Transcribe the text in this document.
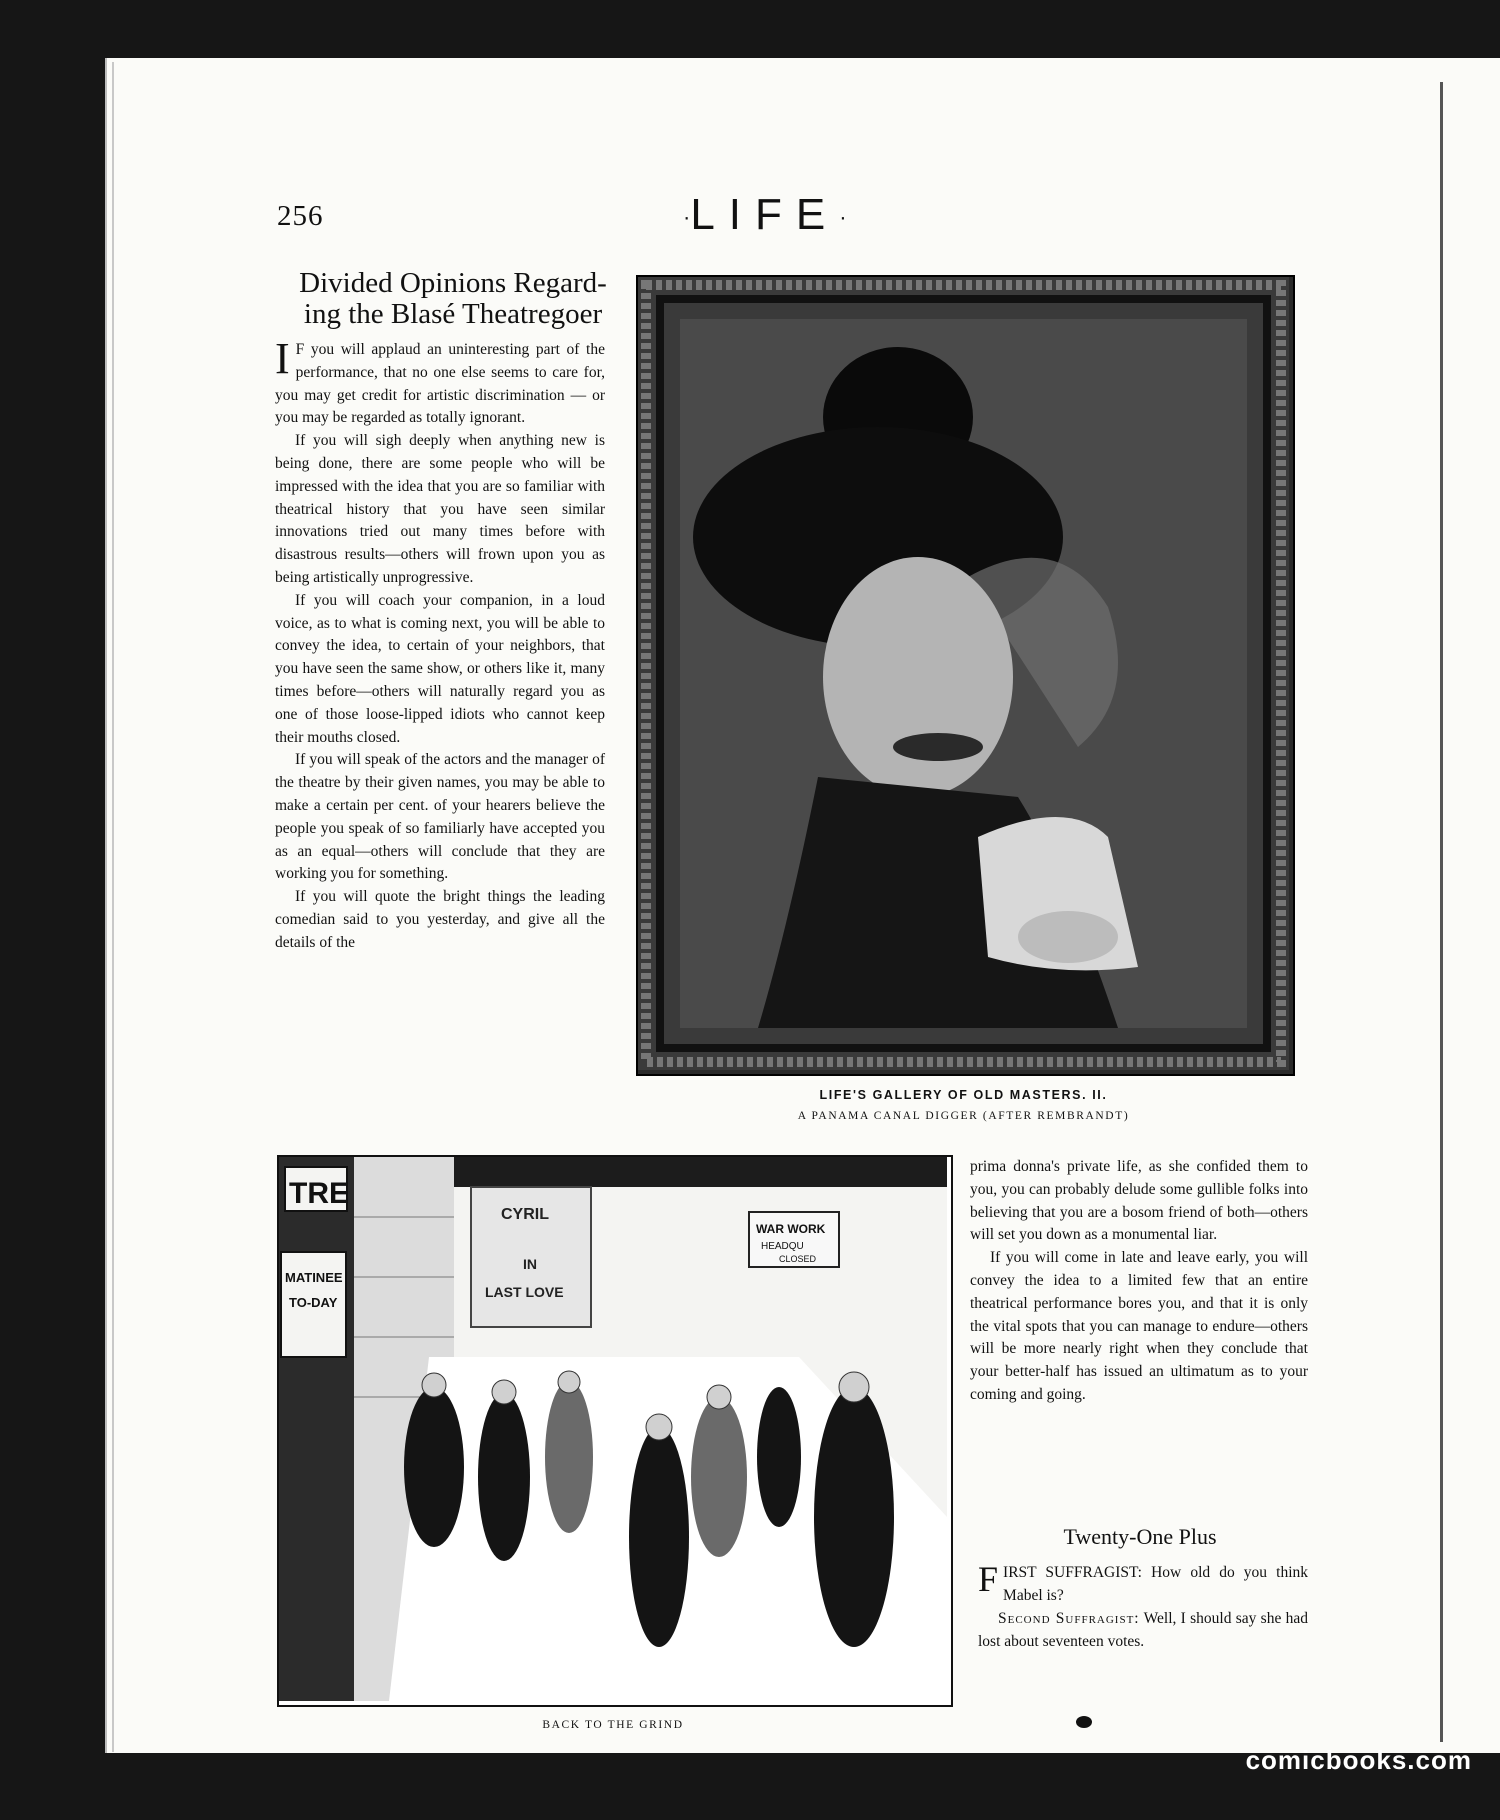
256	·LIFE·
Divided Opinions Regard-
ing the Blasé Theatregoer

I F you will applaud an uninteresting part of the performance, that no one else seems to care for, you may get credit for artistic discrimination — or you may be regarded as totally ignorant.

If you will sigh deeply when anything new is being done, there are some people who will be impressed with the idea that you are so familiar with theatrical history that you have seen similar innovations tried out many times before with disastrous results—others will frown upon you as being artistically unprogressive.

If you will coach your companion, in a loud voice, as to what is coming next, you will be able to convey the idea, to certain of your neighbors, that you have seen the same show, or others like it, many times before—others will naturally regard you as one of those loose-lipped idiots who cannot keep their mouths closed.

If you will speak of the actors and the manager of the theatre by their given names, you may be able to make a certain per cent. of your hearers believe the people you speak of so familiarly have accepted you as an equal—others will conclude that they are working you for something.

If you will quote the bright things the leading comedian said to you yesterday, and give all the details of the

LIFE'S GALLERY OF OLD MASTERS. II.
A PANAMA CANAL DIGGER (AFTER REMBRANDT)
TRE
MATINEE
TO-DAY
CYRIL
IN
LAST LOVE
WAR WORK
HEADQU
CLOSED
BACK TO THE GRIND

prima donna's private life, as she confided them to you, you can probably delude some gullible folks into believing that you are a bosom friend of both—others will set you down as a monumental liar.

If you will come in late and leave early, you will convey the idea to a limited few that an entire theatrical performance bores you, and that it is only the vital spots that you can manage to endure—others will be more nearly right when they conclude that your better-half has issued an ultimatum as to your coming and going.

Twenty-One Plus

FIRST SUFFRAGIST: How old do you think Mabel is?

Second Suffragist: Well, I should say she had lost about seventeen votes.

comicbooks.com
